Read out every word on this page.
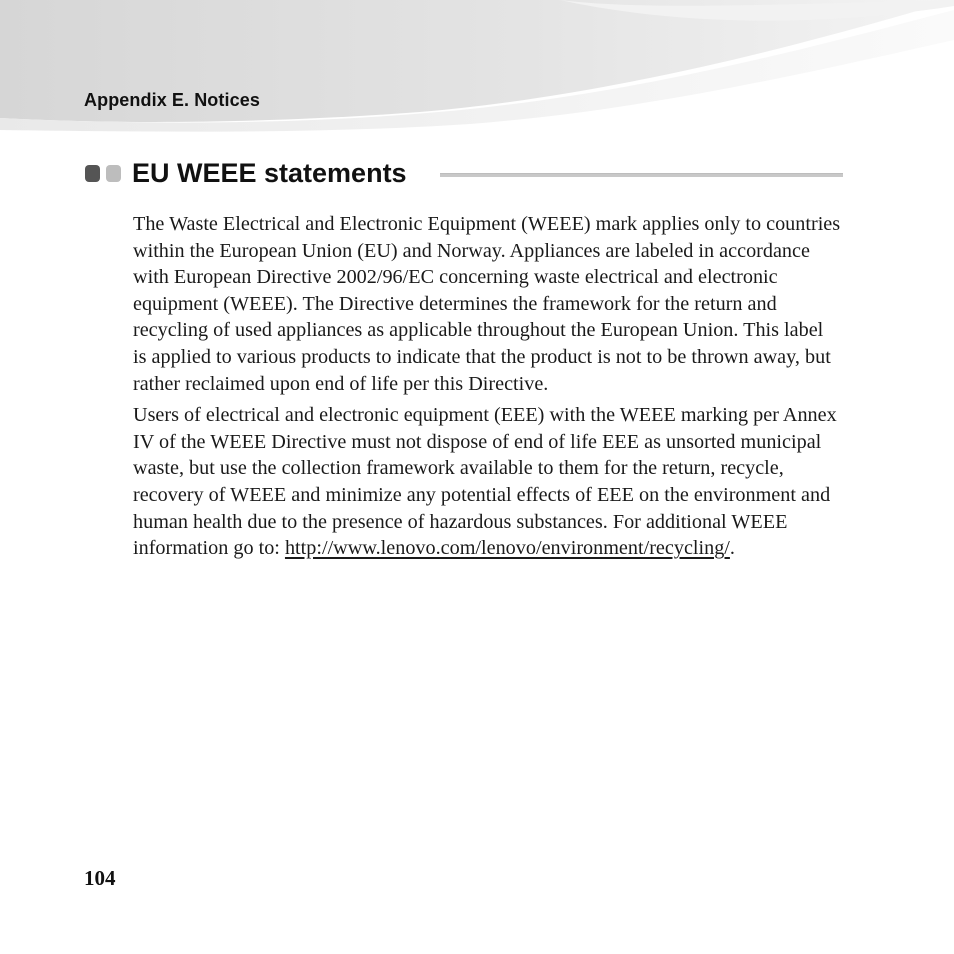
Appendix E. Notices
EU WEEE statements

The Waste Electrical and Electronic Equipment (WEEE) mark applies only to countries within the European Union (EU) and Norway. Appliances are labeled in accordance with European Directive 2002/96/EC concerning waste electrical and electronic equipment (WEEE). The Directive determines the framework for the return and recycling of used appliances as applicable throughout the European Union. This label is applied to various products to indicate that the product is not to be thrown away, but rather reclaimed upon end of life per this Directive.

Users of electrical and electronic equipment (EEE) with the WEEE marking per Annex IV of the WEEE Directive must not dispose of end of life EEE as unsorted municipal waste, but use the collection framework available to them for the return, recycle, recovery of WEEE and minimize any potential effects of EEE on the environment and human health due to the presence of hazardous substances. For additional WEEE information go to: http://www.lenovo.com/lenovo/environment/recycling/.

104
